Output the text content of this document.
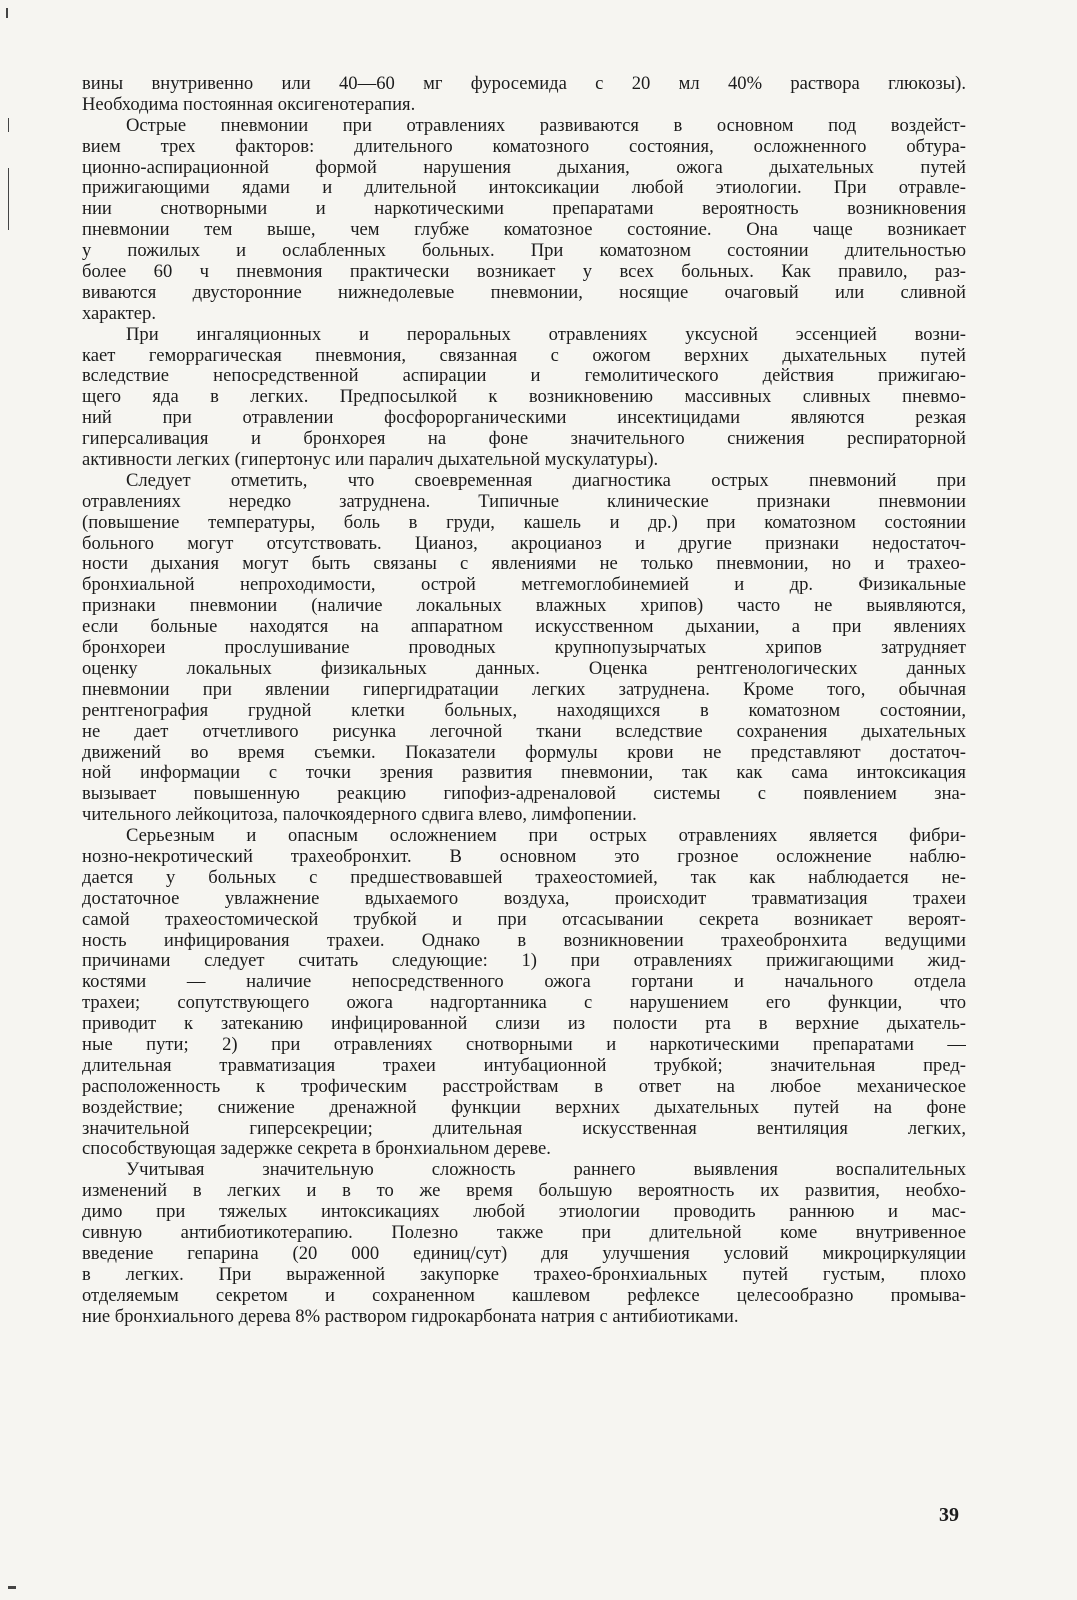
вины внутривенно или 40—60 мг фуросемида с 20 мл 40% раствора глюкозы).
Необходима постоянная оксигенотерапия.
Острые пневмонии при отравлениях развиваются в основном под воздейст-
вием трех факторов: длительного коматозного состояния, осложненного обтура-
ционно-аспирационной формой нарушения дыхания, ожога дыхательных путей
прижигающими ядами и длительной интоксикации любой этиологии. При отравле-
нии снотворными и наркотическими препаратами вероятность возникновения
пневмонии тем выше, чем глубже коматозное состояние. Она чаще возникает
у пожилых и ослабленных больных. При коматозном состоянии длительностью
более 60 ч пневмония практически возникает у всех больных. Как правило, раз-
виваются двусторонние нижнедолевые пневмонии, носящие очаговый или сливной
характер.
При ингаляционных и пероральных отравлениях уксусной эссенцией возни-
кает геморрагическая пневмония, связанная с ожогом верхних дыхательных путей
вследствие непосредственной аспирации и гемолитического действия прижигаю-
щего яда в легких. Предпосылкой к возникновению массивных сливных пневмо-
ний при отравлении фосфорорганическими инсектицидами являются резкая
гиперсаливация и бронхорея на фоне значительного снижения респираторной
активности легких (гипертонус или паралич дыхательной мускулатуры).
Следует отметить, что своевременная диагностика острых пневмоний при
отравлениях нередко затруднена. Типичные клинические признаки пневмонии
(повышение температуры, боль в груди, кашель и др.) при коматозном состоянии
больного могут отсутствовать. Цианоз, акроцианоз и другие признаки недостаточ-
ности дыхания могут быть связаны с явлениями не только пневмонии, но и трахео-
бронхиальной непроходимости, острой метгемоглобинемией и др. Физикальные
признаки пневмонии (наличие локальных влажных хрипов) часто не выявляются,
если больные находятся на аппаратном искусственном дыхании, а при явлениях
бронхореи прослушивание проводных крупнопузырчатых хрипов затрудняет
оценку локальных физикальных данных. Оценка рентгенологических данных
пневмонии при явлении гипергидратации легких затруднена. Кроме того, обычная
рентгенография грудной клетки больных, находящихся в коматозном состоянии,
не дает отчетливого рисунка легочной ткани вследствие сохранения дыхательных
движений во время съемки. Показатели формулы крови не представляют достаточ-
ной информации с точки зрения развития пневмонии, так как сама интоксикация
вызывает повышенную реакцию гипофиз-адреналовой системы с появлением зна-
чительного лейкоцитоза, палочкоядерного сдвига влево, лимфопении.
Серьезным и опасным осложнением при острых отравлениях является фибри-
нозно-некротический трахеобронхит. В основном это грозное осложнение наблю-
дается у больных с предшествовавшей трахеостомией, так как наблюдается не-
достаточное увлажнение вдыхаемого воздуха, происходит травматизация трахеи
самой трахеостомической трубкой и при отсасывании секрета возникает вероят-
ность инфицирования трахеи. Однако в возникновении трахеобронхита ведущими
причинами следует считать следующие: 1) при отравлениях прижигающими жид-
костями — наличие непосредственного ожога гортани и начального отдела
трахеи; сопутствующего ожога надгортанника с нарушением его функции, что
приводит к затеканию инфицированной слизи из полости рта в верхние дыхатель-
ные пути; 2) при отравлениях снотворными и наркотическими препаратами —
длительная травматизация трахеи интубационной трубкой; значительная пред-
расположенность к трофическим расстройствам в ответ на любое механическое
воздействие; снижение дренажной функции верхних дыхательных путей на фоне
значительной гиперсекреции; длительная искусственная вентиляция легких,
способствующая задержке секрета в бронхиальном дереве.
Учитывая значительную сложность раннего выявления воспалительных
изменений в легких и в то же время большую вероятность их развития, необхо-
димо при тяжелых интоксикациях любой этиологии проводить раннюю и мас-
сивную антибиотикотерапию. Полезно также при длительной коме внутривенное
введение гепарина (20 000 единиц/сут) для улучшения условий микроциркуляции
в легких. При выраженной закупорке трахео-бронхиальных путей густым, плохо
отделяемым секретом и сохраненном кашлевом рефлексе целесообразно промыва-
ние бронхиального дерева 8% раствором гидрокарбоната натрия с антибиотиками.
39
